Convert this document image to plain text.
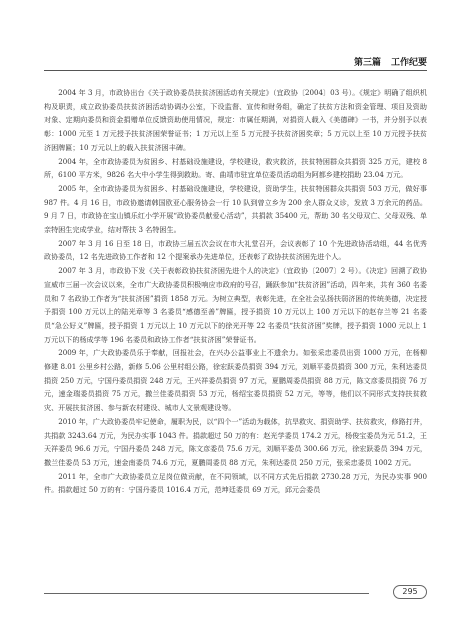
第三篇 工作纪要

2004 年 3 月，市政协出台《关于政协委员扶贫济困活动有关规定》（宜政协〔2004〕03 号）。《规定》明确了组织机构及职责，成立政协委员扶贫济困活动协调办公室，下设监督、宣传和财务组，确定了扶贫方法和资金管理、项目及资助对象、定期向委员和资金捐赠单位反馈资助使用情况，规定：市属任期满，对捐资人载入《美德碑》一书，并分别予以表彰：1000 元至 1 万元授予扶贫济困荣誉证书；1 万元以上至 5 万元授予扶贫济困奖章；5 万元以上至 10 万元授予扶贫济困牌匾；10 万元以上的载入扶贫济困丰碑。

2004 年，全市政协委员为贫困乡、村基础设施建设，学校建设，救灾救济，扶贫特困群众共捐资 325 万元，建校 8 所，6100 平方米，9826 名大中小学生得到救助。寄、曲靖市驻宜单位委员活动组为阿都乡建校捐助 23.04 万元。

2005 年，全市政协委员为贫困乡、村基础设施建设，学校建设，资助学生，扶贫特困群众共捐资 503 万元，做好事 987 件。4 月 16 日，市政协邀请韩国欧亚心服务协会一行 10 队到曾立乡为 200 余人群众义诊，发放 3 万余元的药品。9 月 7 日，市政协在宝山镇乐红小学开展“政协委员献爱心活动”，共捐款 35400 元，帮助 30 名父母双亡、父母双残、单亲特困生完成学业，结对帮扶 3 名特困生。

2007 年 3 月 16 日至 18 日，市政协三届五次会议在市大礼堂召开，会议表彰了 10 个先进政协活动组，44 名优秀政协委员，12 名先进政协工作者和 12 个提案承办先进单位，还表彰了政协扶贫济困先进个人。

2007 年 3 月，市政协下发《关于表彰政协扶贫济困先进个人的决定》（宜政协〔2007〕2 号）。《决定》回溯了政协宣威市三届一次会议以来，全市广大政协委员积极响应市政府的号召，踊跃参加“扶贫济困”活动，四年来，共有 360 名委员和 7 名政协工作者为“扶贫济困”捐资 1858 万元。为树立典型，表彰先进，在全社会弘扬扶弱济困的传统美德，决定授予捐资 100 万元以上的陆光章等 3 名委员“感德至善”牌匾，授予捐资 10 万元以上 100 万元以下的赵存兰等 21 名委员“急公好义”牌匾，授予捐资 1 万元以上 10 万元以下的徐光开等 22 名委员“扶贫济困”奖牌，授予捐资 1000 元以上 1 万元以下的杨成学等 196 名委员和政协工作者“扶贫济困”荣誉证书。

2009 年，广大政协委员乐于奉献，回报社会，在兴办公益事业上不遗余力。如张采忠委员出资 1000 万元，在杨柳修建 8.01 公里乡村公路，新修 5.06 公里村组公路，徐宏跃委员捐资 394 万元，刘顺平委员捐资 300 万元，朱利达委员捐资 250 万元，宁国丹委员捐资 248 万元，王兴祥委员捐资 97 万元，夏鹏周委员捐资 88 万元，陈文彦委员捐资 76 万元，速金瑞委员捐资 75 万元，撒兰佳委员捐资 53 万元，杨绍宝委员捐资 52 万元，等等，他们以不同形式支持扶贫救灾、开展扶贫济困、参与新农村建设、城市人文景观建设等。

2010 年，广大政协委员牢记使命，履职为民，以“四个一”活动为载体，抗旱救灾、捐资助学、扶贫救灾，修路打井，共捐款 3243.64 万元，为民办实事 1043 件。捐款超过 50 万的有：赵光学委员 174.2 万元，杨俊宝委员为元 51.2，王天祥委员 96.6 万元，宁国丹委员 248 万元，陈文彦委员 75.6 万元，刘顺平委员 300.66 万元，徐宏跃委员 394 万元，撒兰佳委员 53 万元，速金南委员 74.6 万元，夏鹏周委员 88 万元，朱利达委员 250 万元，张采忠委员 1002 万元。

2011 年，全市广大政协委员立足岗位做贡献，在不同领域，以不同方式先后捐款 2730.28 万元，为民办实事 900 件。捐款超过 50 万的有：宁国丹委员 1016.4 万元，范坤廷委员 69 万元，邱元会委员

295
